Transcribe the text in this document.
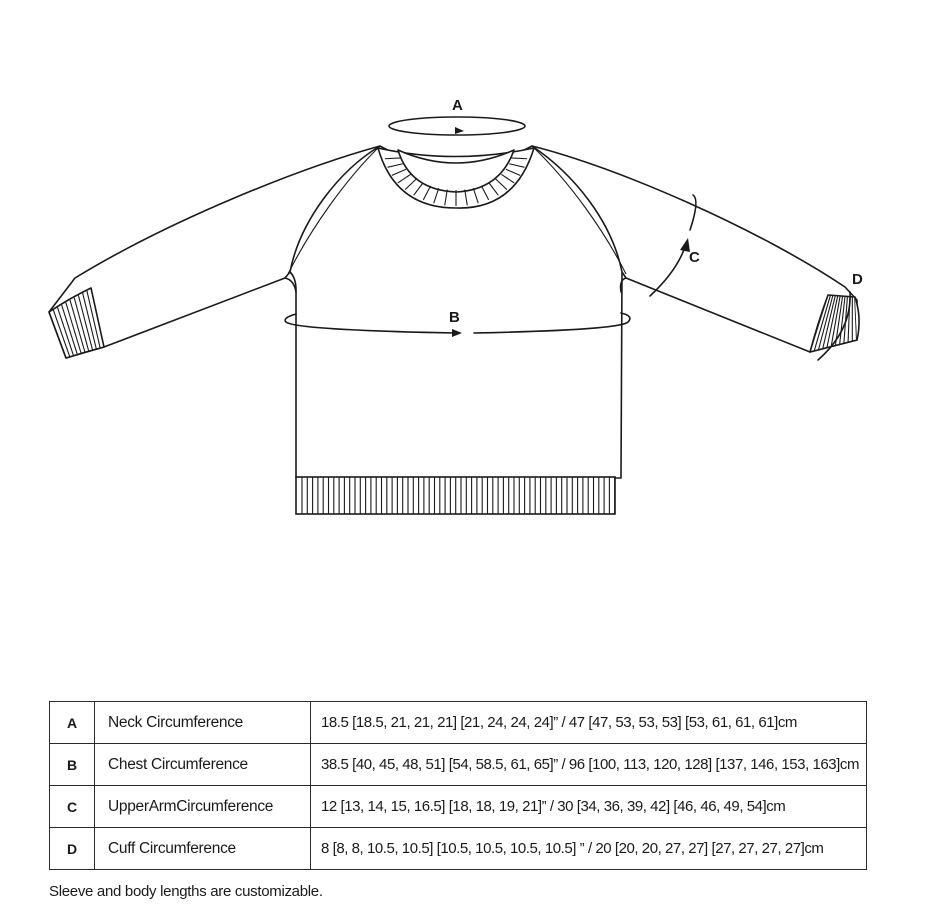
A
B
C
D
A	Neck Circumference	18.5 [18.5, 21, 21, 21] [21, 24, 24, 24]” / 47 [47, 53, 53, 53] [53, 61, 61, 61]cm
B	Chest Circumference	38.5 [40, 45, 48, 51] [54, 58.5, 61, 65]” / 96 [100, 113, 120, 128] [137, 146, 153, 163]cm
C	UpperArmCircumference	12 [13, 14, 15, 16.5] [18, 18, 19, 21]” / 30 [34, 36, 39, 42] [46, 46, 49, 54]cm
D	Cuff Circumference	8 [8, 8, 10.5, 10.5] [10.5, 10.5, 10.5, 10.5] ” / 20 [20, 20, 27, 27] [27, 27, 27, 27]cm
Sleeve and body lengths are customizable.
